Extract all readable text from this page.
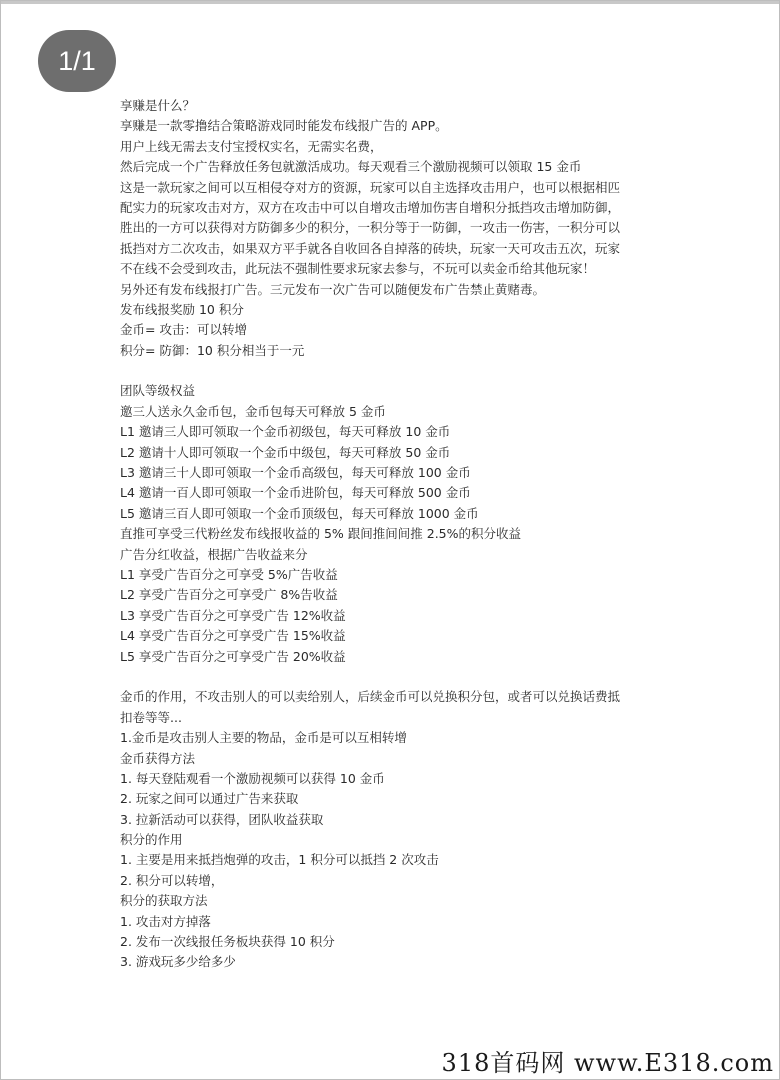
1/1
享赚是什么？
享赚是一款零撸结合策略游戏同时能发布线报广告的 APP。
用户上线无需去支付宝授权实名，无需实名费，
然后完成一个广告释放任务包就激活成功。每天观看三个激励视频可以领取 15 金币
这是一款玩家之间可以互相侵夺对方的资源，玩家可以自主选择攻击用户，也可以根据相匹
配实力的玩家攻击对方，双方在攻击中可以自增攻击增加伤害自增积分抵挡攻击增加防御，
胜出的一方可以获得对方防御多少的积分，一积分等于一防御，一攻击一伤害，一积分可以
抵挡对方二次攻击，如果双方平手就各自收回各自掉落的砖块，玩家一天可攻击五次，玩家
不在线不会受到攻击，此玩法不强制性要求玩家去参与，不玩可以卖金币给其他玩家！
另外还有发布线报打广告。三元发布一次广告可以随便发布广告禁止黄赌毒。
发布线报奖励 10 积分
金币= 攻击：可以转增
积分= 防御：10 积分相当于一元
团队等级权益
邀三人送永久金币包，金币包每天可释放 5 金币
L1 邀请三人即可领取一个金币初级包，每天可释放 10 金币
L2 邀请十人即可领取一个金币中级包，每天可释放 50 金币
L3 邀请三十人即可领取一个金币高级包，每天可释放 100 金币
L4 邀请一百人即可领取一个金币进阶包，每天可释放 500 金币
L5 邀请三百人即可领取一个金币顶级包，每天可释放 1000 金币
直推可享受三代粉丝发布线报收益的 5% 跟间推间间推 2.5%的积分收益
广告分红收益，根据广告收益来分
L1 享受广告百分之可享受 5%广告收益
L2 享受广告百分之可享受广 8%告收益
L3 享受广告百分之可享受广告 12%收益
L4 享受广告百分之可享受广告 15%收益
L5 享受广告百分之可享受广告 20%收益
金币的作用，不攻击别人的可以卖给别人，后续金币可以兑换积分包，或者可以兑换话费抵
扣卷等等...
1.金币是攻击别人主要的物品，金币是可以互相转增
金币获得方法
1. 每天登陆观看一个激励视频可以获得 10 金币
2. 玩家之间可以通过广告来获取
3. 拉新活动可以获得，团队收益获取
积分的作用
1. 主要是用来抵挡炮弹的攻击，1 积分可以抵挡 2 次攻击
2. 积分可以转增，
积分的获取方法
1. 攻击对方掉落
2. 发布一次线报任务板块获得 10 积分
3. 游戏玩多少给多少
318首码网 www.E318.com
